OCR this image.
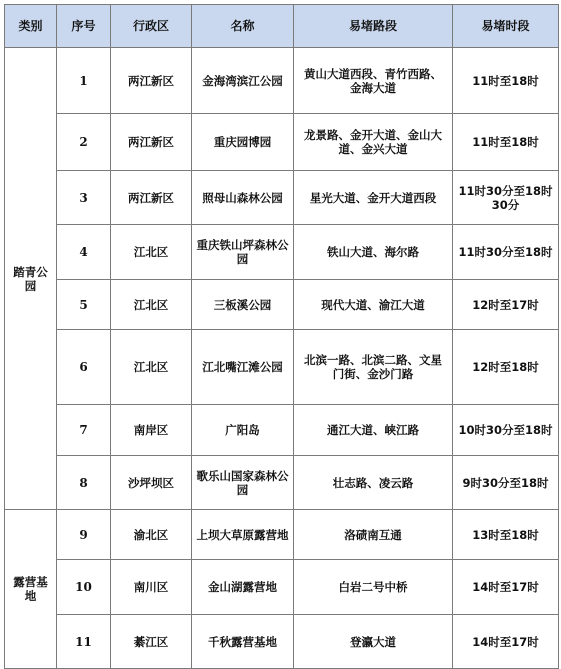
类别	序号	行政区	名称	易堵路段	易堵时段
踏青公园	1	两江新区	金海湾滨江公园	黄山大道西段、青竹西路、金海大道	11时至18时
	2	两江新区	重庆园博园	龙景路、金开大道、金山大道、金兴大道	11时至18时
	3	两江新区	照母山森林公园	星光大道、金开大道西段	11时30分至18时30分
	4	江北区	重庆铁山坪森林公园	铁山大道、海尔路	11时30分至18时
	5	江北区	三板溪公园	现代大道、渝江大道	12时至17时
	6	江北区	江北嘴江滩公园	北滨一路、北滨二路、文星门街、金沙门路	12时至18时
	7	南岸区	广阳岛	通江大道、峡江路	10时30分至18时
	8	沙坪坝区	歌乐山国家森林公园	壮志路、凌云路	9时30分至18时
露营基地	9	渝北区	上坝大草原露营地	洛碛南互通	13时至18时
	10	南川区	金山湖露营地	白岩二号中桥	14时至17时
	11	綦江区	千秋露营基地	登瀛大道	14时至17时
